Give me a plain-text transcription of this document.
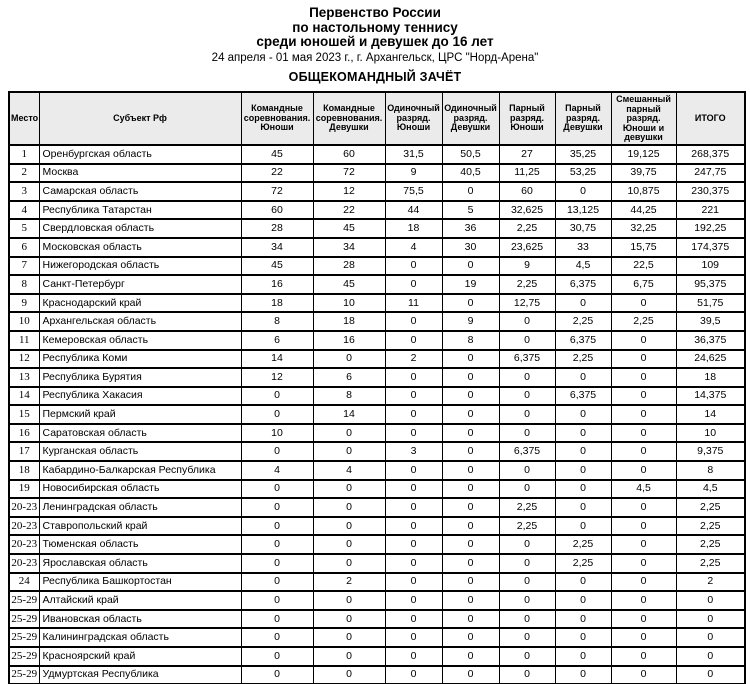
Первенство России
по настольному теннису
среди юношей и девушек до 16 лет
24 апреля - 01 мая 2023 г., г. Архангельск, ЦРС "Норд-Арена"
ОБЩЕКОМАНДНЫЙ ЗАЧЁТ
Место	Субъект Рф	Командные соревнования. Юноши	Командные соревнования. Девушки	Одиночный разряд. Юноши	Одиночный разряд. Девушки	Парный разряд. Юноши	Парный разряд. Девушки	Смешанный парный разряд. Юноши и девушки	ИТОГО
1	Оренбургская область	45	60	31,5	50,5	27	35,25	19,125	268,375
2	Москва	22	72	9	40,5	11,25	53,25	39,75	247,75
3	Самарская область	72	12	75,5	0	60	0	10,875	230,375
4	Республика Татарстан	60	22	44	5	32,625	13,125	44,25	221
5	Свердловская область	28	45	18	36	2,25	30,75	32,25	192,25
6	Московская область	34	34	4	30	23,625	33	15,75	174,375
7	Нижегородская область	45	28	0	0	9	4,5	22,5	109
8	Санкт-Петербург	16	45	0	19	2,25	6,375	6,75	95,375
9	Краснодарский край	18	10	11	0	12,75	0	0	51,75
10	Архангельская область	8	18	0	9	0	2,25	2,25	39,5
11	Кемеровская область	6	16	0	8	0	6,375	0	36,375
12	Республика Коми	14	0	2	0	6,375	2,25	0	24,625
13	Республика Бурятия	12	6	0	0	0	0	0	18
14	Республика Хакасия	0	8	0	0	0	6,375	0	14,375
15	Пермский край	0	14	0	0	0	0	0	14
16	Саратовская область	10	0	0	0	0	0	0	10
17	Курганская область	0	0	3	0	6,375	0	0	9,375
18	Кабардино-Балкарская Республика	4	4	0	0	0	0	0	8
19	Новосибирская область	0	0	0	0	0	0	4,5	4,5
20-23	Ленинградская область	0	0	0	0	2,25	0	0	2,25
20-23	Ставропольский край	0	0	0	0	2,25	0	0	2,25
20-23	Тюменская область	0	0	0	0	0	2,25	0	2,25
20-23	Ярославская область	0	0	0	0	0	2,25	0	2,25
24	Республика Башкортостан	0	2	0	0	0	0	0	2
25-29	Алтайский край	0	0	0	0	0	0	0	0
25-29	Ивановская область	0	0	0	0	0	0	0	0
25-29	Калининградская область	0	0	0	0	0	0	0	0
25-29	Красноярский край	0	0	0	0	0	0	0	0
25-29	Удмуртская Республика	0	0	0	0	0	0	0	0
